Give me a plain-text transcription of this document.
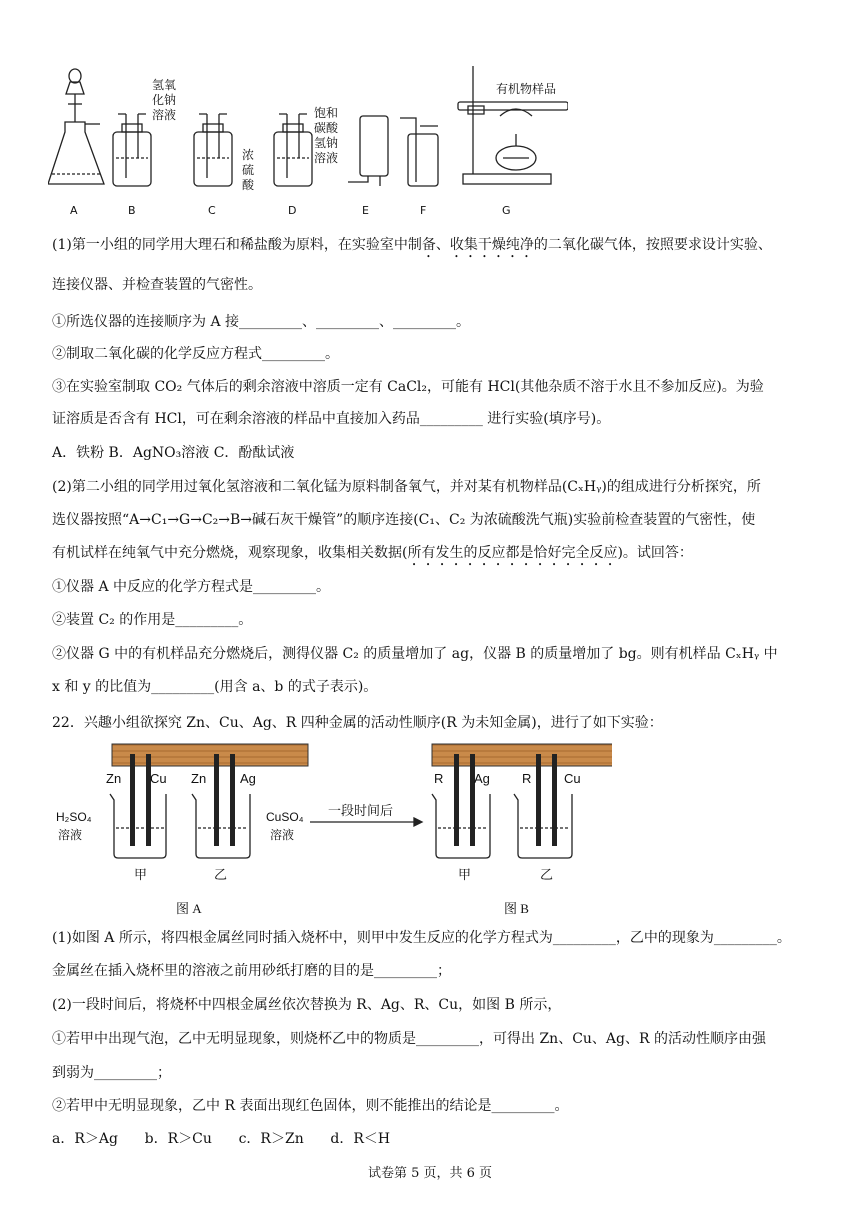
A	B	C	D	E	F	G
氢氧
化钠
溶液
浓
硫
酸
饱和
碳酸
氢钠
溶液
有机物样品
(1)第一小组的同学用大理石和稀盐酸为原料，在实验室中制备、收集干燥纯净的二氧化碳气体，按照要求设计实验、
连接仪器、并检查装置的气密性。
①所选仪器的连接顺序为 A 接_________、_________、_________。
②制取二氧化碳的化学反应方程式_________。
③在实验室制取 CO₂ 气体后的剩余溶液中溶质一定有 CaCl₂，可能有 HCl(其他杂质不溶于水且不参加反应)。为验
证溶质是否含有 HCl，可在剩余溶液的样品中直接加入药品_________ 进行实验(填序号)。
A．铁粉 B．AgNO₃溶液 C．酚酞试液
(2)第二小组的同学用过氧化氢溶液和二氧化锰为原料制备氧气，并对某有机物样品(CₓHᵧ)的组成进行分析探究，所
选仪器按照“A→C₁→G→C₂→B→碱石灰干燥管”的顺序连接(C₁、C₂ 为浓硫酸洗气瓶)实验前检查装置的气密性，使
有机试样在纯氧气中充分燃烧，观察现象，收集相关数据(所有发生的反应都是恰好完全反应)。试回答：
①仪器 A 中反应的化学方程式是_________。
②装置 C₂ 的作用是_________。
②仪器 G 中的有机样品充分燃烧后，测得仪器 C₂ 的质量增加了 ag，仪器 B 的质量增加了 bg。则有机样品 CₓHᵧ 中
x 和 y 的比值为_________(用含 a、b 的式子表示)。
22．兴趣小组欲探究 Zn、Cu、Ag、R 四种金属的活动性顺序(R 为未知金属)，进行了如下实验：
Zn Cu Zn	Ag	R Ag R	Cu
H₂SO₄
溶液
CuSO₄
溶液
一段时间后
甲	乙	甲	乙
图 A	图 B
(1)如图 A 所示，将四根金属丝同时插入烧杯中，则甲中发生反应的化学方程式为_________，乙中的现象为_________。
金属丝在插入烧杯里的溶液之前用砂纸打磨的目的是_________；
(2)一段时间后，将烧杯中四根金属丝依次替换为 R、Ag、R、Cu，如图 B 所示，
①若甲中出现气泡，乙中无明显现象，则烧杯乙中的物质是_________，可得出 Zn、Cu、Ag、R 的活动性顺序由强
到弱为_________；
②若甲中无明显现象，乙中 R 表面出现红色固体，则不能推出的结论是_________。
a．R＞Ag      b．R＞Cu      c．R＞Zn      d．R＜H
试卷第 5 页，共 6 页
